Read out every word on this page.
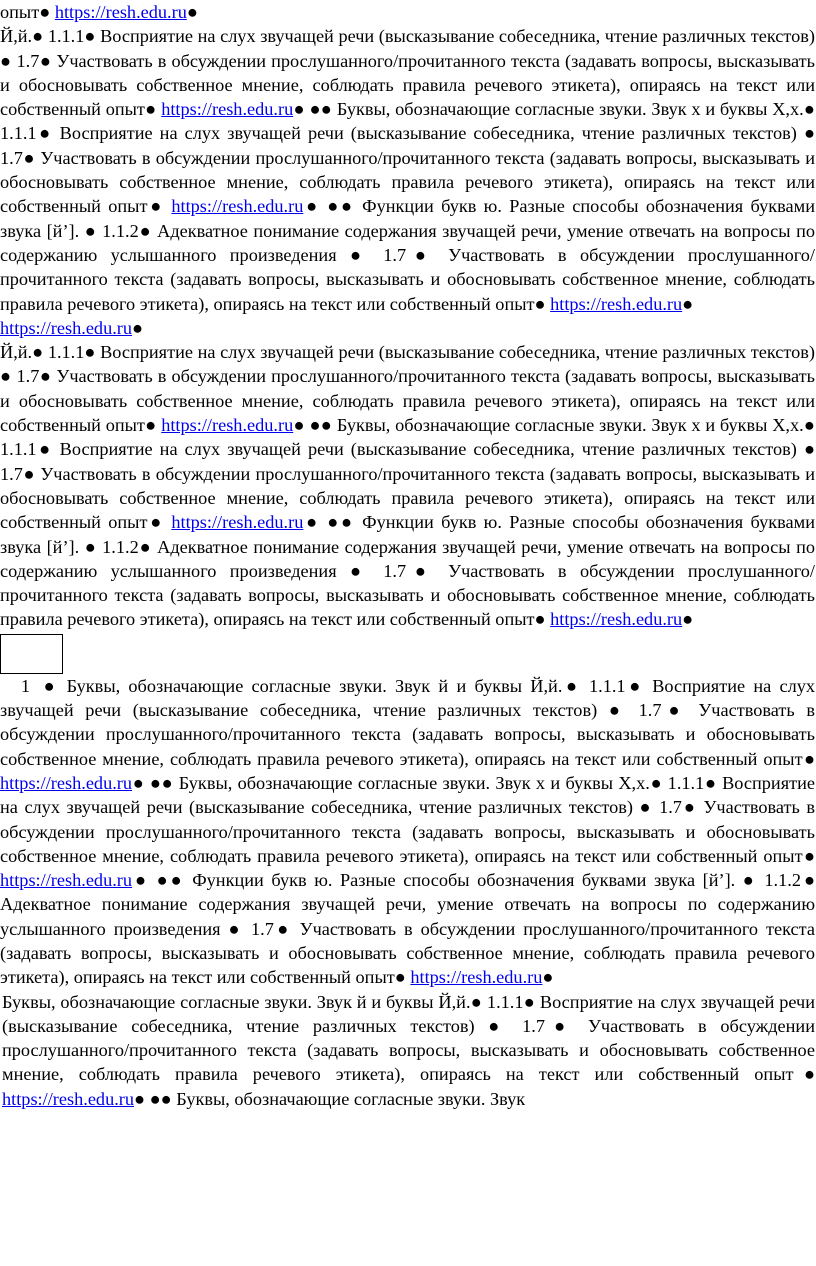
опыт● https://resh.edu.ru●

Й,й.● 1.1.1● Восприятие на слух звучащей речи (высказывание собеседника, чтение различных текстов) ● 1.7● Участвовать в обсуждении прослушанного/прочитанного текста (задавать вопросы, высказывать и обосновывать собственное мнение, соблюдать правила речевого этикета), опираясь на текст или собственный опыт● https://resh.edu.ru● ●● Буквы, обозначающие согласные звуки. Звук х и буквы Х,х.● 1.1.1● Восприятие на слух звучащей речи (высказывание собеседника, чтение различных текстов) ● 1.7● Участвовать в обсуждении прослушанного/прочитанного текста (задавать вопросы, высказывать и обосновывать собственное мнение, соблюдать правила речевого этикета), опираясь на текст или собственный опыт● https://resh.edu.ru● ●● Функции букв ю. Разные способы обозначения буквами звука [й’]. ● 1.1.2● Адекватное понимание содержания звучащей речи, умение отвечать на вопросы по содержанию услышанного произведения ● 1.7● Участвовать в обсуждении прослушанного/прочитанного текста (задавать вопросы, высказывать и обосновывать собственное мнение, соблюдать правила речевого этикета), опираясь на текст или собственный опыт● https://resh.edu.ru●

https://resh.edu.ru●

Й,й.● 1.1.1● Восприятие на слух звучащей речи (высказывание собеседника, чтение различных текстов) ● 1.7● Участвовать в обсуждении прослушанного/прочитанного текста (задавать вопросы, высказывать и обосновывать собственное мнение, соблюдать правила речевого этикета), опираясь на текст или собственный опыт● https://resh.edu.ru● ●● Буквы, обозначающие согласные звуки. Звук х и буквы Х,х.● 1.1.1● Восприятие на слух звучащей речи (высказывание собеседника, чтение различных текстов) ● 1.7● Участвовать в обсуждении прослушанного/прочитанного текста (задавать вопросы, высказывать и обосновывать собственное мнение, соблюдать правила речевого этикета), опираясь на текст или собственный опыт● https://resh.edu.ru● ●● Функции букв ю. Разные способы обозначения буквами звука [й’]. ● 1.1.2● Адекватное понимание содержания звучащей речи, умение отвечать на вопросы по содержанию услышанного произведения ● 1.7● Участвовать в обсуждении прослушанного/прочитанного текста (задавать вопросы, высказывать и обосновывать собственное мнение, соблюдать правила речевого этикета), опираясь на текст или собственный опыт● https://resh.edu.ru●

1 ● Буквы, обозначающие согласные звуки. Звук й и буквы Й,й.● 1.1.1● Восприятие на слух звучащей речи (высказывание собеседника, чтение различных текстов) ● 1.7● Участвовать в обсуждении прослушанного/прочитанного текста (задавать вопросы, высказывать и обосновывать собственное мнение, соблюдать правила речевого этикета), опираясь на текст или собственный опыт● https://resh.edu.ru● ●● Буквы, обозначающие согласные звуки. Звук х и буквы Х,х.● 1.1.1● Восприятие на слух звучащей речи (высказывание собеседника, чтение различных текстов) ● 1.7● Участвовать в обсуждении прослушанного/прочитанного текста (задавать вопросы, высказывать и обосновывать собственное мнение, соблюдать правила речевого этикета), опираясь на текст или собственный опыт● https://resh.edu.ru● ●● Функции букв ю. Разные способы обозначения буквами звука [й’]. ● 1.1.2● Адекватное понимание содержания звучащей речи, умение отвечать на вопросы по содержанию услышанного произведения ● 1.7● Участвовать в обсуждении прослушанного/прочитанного текста (задавать вопросы, высказывать и обосновывать собственное мнение, соблюдать правила речевого этикета), опираясь на текст или собственный опыт● https://resh.edu.ru●

Буквы, обозначающие согласные звуки. Звук й и буквы Й,й.● 1.1.1● Восприятие на слух звучащей речи (высказывание собеседника, чтение различных текстов) ● 1.7● Участвовать в обсуждении прослушанного/прочитанного текста (задавать вопросы, высказывать и обосновывать собственное мнение, соблюдать правила речевого этикета), опираясь на текст или собственный опыт● https://resh.edu.ru● ●● Буквы, обозначающие согласные звуки. Звук
